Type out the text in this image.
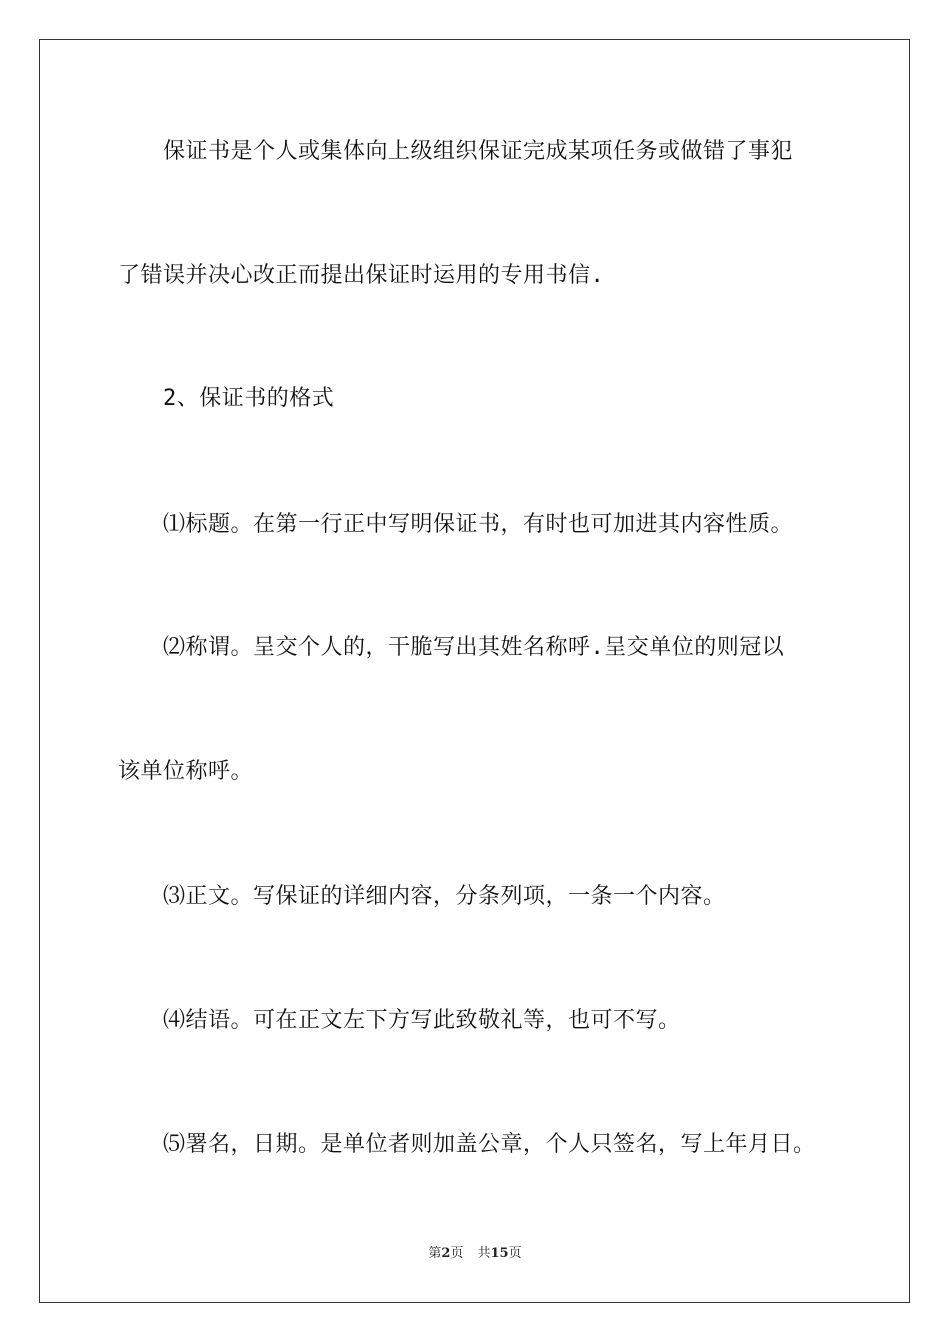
保证书是个人或集体向上级组织保证完成某项任务或做错了事犯
了错误并决心改正而提出保证时运用的专用书信.
2、保证书的格式
⑴标题。在第一行正中写明保证书，有时也可加进其内容性质。
⑵称谓。呈交个人的，干脆写出其姓名称呼.呈交单位的则冠以
该单位称呼。
⑶正文。写保证的详细内容，分条列项，一条一个内容。
⑷结语。可在正文左下方写此致敬礼等，也可不写。
⑸署名，日期。是单位者则加盖公章，个人只签名，写上年月日。
第2页 共15页
